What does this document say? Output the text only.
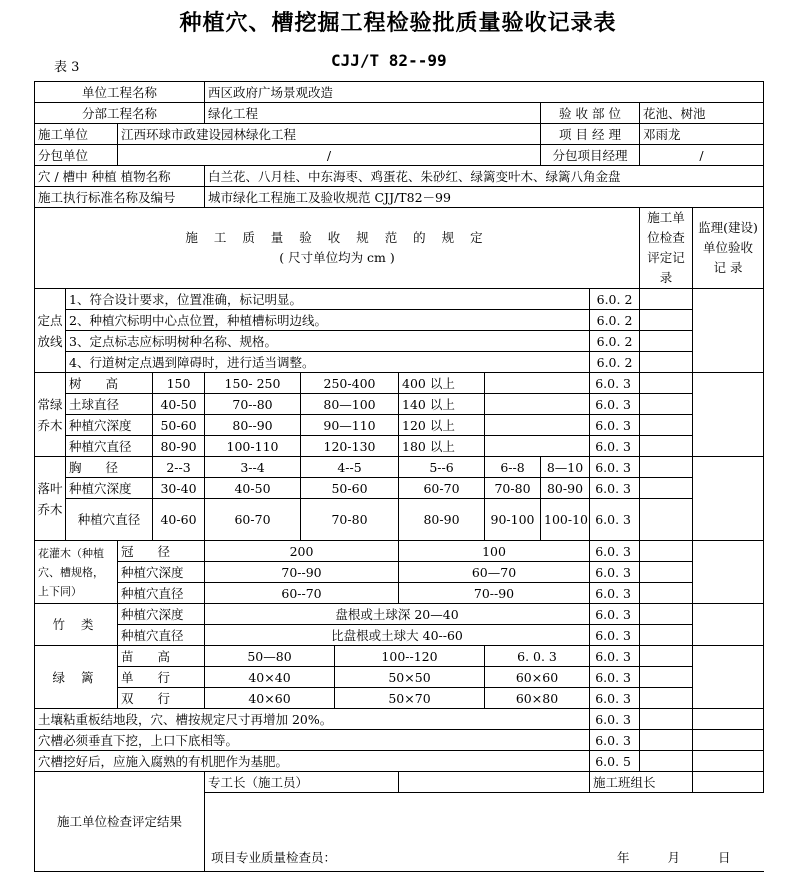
种植穴、槽挖掘工程检验批质量验收记录表
表 3	CJJ/T 82--99
单位工程名称				西区政府广场景观改造								
分部工程名称				绿化工程					验 收 部 位		花池、树池	
施工单位		江西环球市政建设园林绿化工程							项 目 经 理		邓雨龙	
分包单位		/							分包项目经理		/	
穴 / 槽中 种植 植物名称				白兰花、八月桂、中东海枣、鸡蛋花、朱砂红、绿篱变叶木、绿篱八角金盘								
施工执行标准名称及编号				城市绿化工程施工及验收规范 CJJ/T82－99								

施 工 质 量 验 收 规 范 的 规 定
( 尺寸单位均为 cm )											施工单位检查评定记录	监理(建设)单位验收 记 录
定点放线	1、符合设计要求，位置准确，标记明显。									6.0. 2		
	2、种植穴标明中心点位置，种植槽标明边线。									6.0. 2		
	3、定点标志应标明树种名称、规格。									6.0. 2		
	4、行道树定点遇到障碍时，进行适当调整。									6.0. 2		
常绿乔木	树 高		150	150- 250	250-400		400 以上			6.0. 3		
	土球直径		40-50	70--80	80—100		140 以上			6.0. 3		
	种植穴深度		50-60	80--90	90—110		120 以上			6.0. 3		
	种植穴直径		80-90	100-110	120-130		180 以上			6.0. 3		
落叶乔木	胸 径		2--3	3--4	4--5		5--6	6--8	8—10	6.0. 3		
	种植穴深度		30-40	40-50	50-60		60-70	70-80	80-90	6.0. 3		
	种植穴直径		40-60	60-70	70-80		80-90	90-100	100-10	6.0. 3		
花灌木（种植穴、槽规格，上下同）		冠 径		200			100			6.0. 3		
		种植穴深度		70--90			60—70			6.0. 3		
		种植穴直径		60--70			70--90			6.0. 3		
竹 类		种植穴深度		盘根或土球深 20—40						6.0. 3		
		种植穴直径		比盘根或土球大 40--60						6.0. 3		
绿 篱		苗 高		50—80		100--120		6. 0. 3		6.0. 3		
		单 行		40×40		50×50		60×60		6.0. 3		
		双 行		40×60		50×70		60×80		6.0. 3		
土壤粘重板结地段，穴、槽按规定尺寸再增加 20%。										6.0. 3		
穴槽必须垂直下挖，上口下底相等。										6.0. 3		
穴槽挖好后，应施入腐熟的有机肥作为基肥。										6.0. 5		
施工单位检查评定结果				专工长（施工员）						施工班组长		
				项目专业质量检查员： 年 月 日								
